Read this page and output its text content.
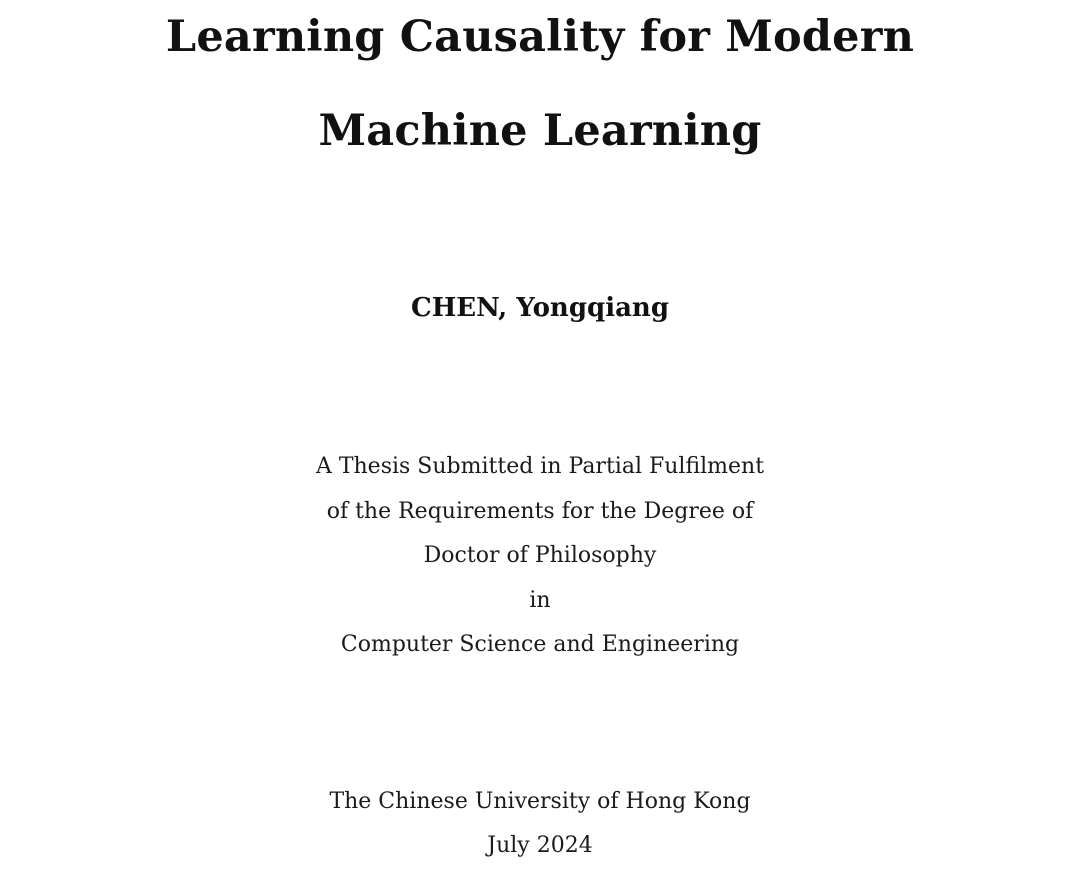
Learning Causality for Modern
Machine Learning
CHEN, Yongqiang
A Thesis Submitted in Partial Fulfilment
of the Requirements for the Degree of
Doctor of Philosophy
in
Computer Science and Engineering
The Chinese University of Hong Kong
July 2024
